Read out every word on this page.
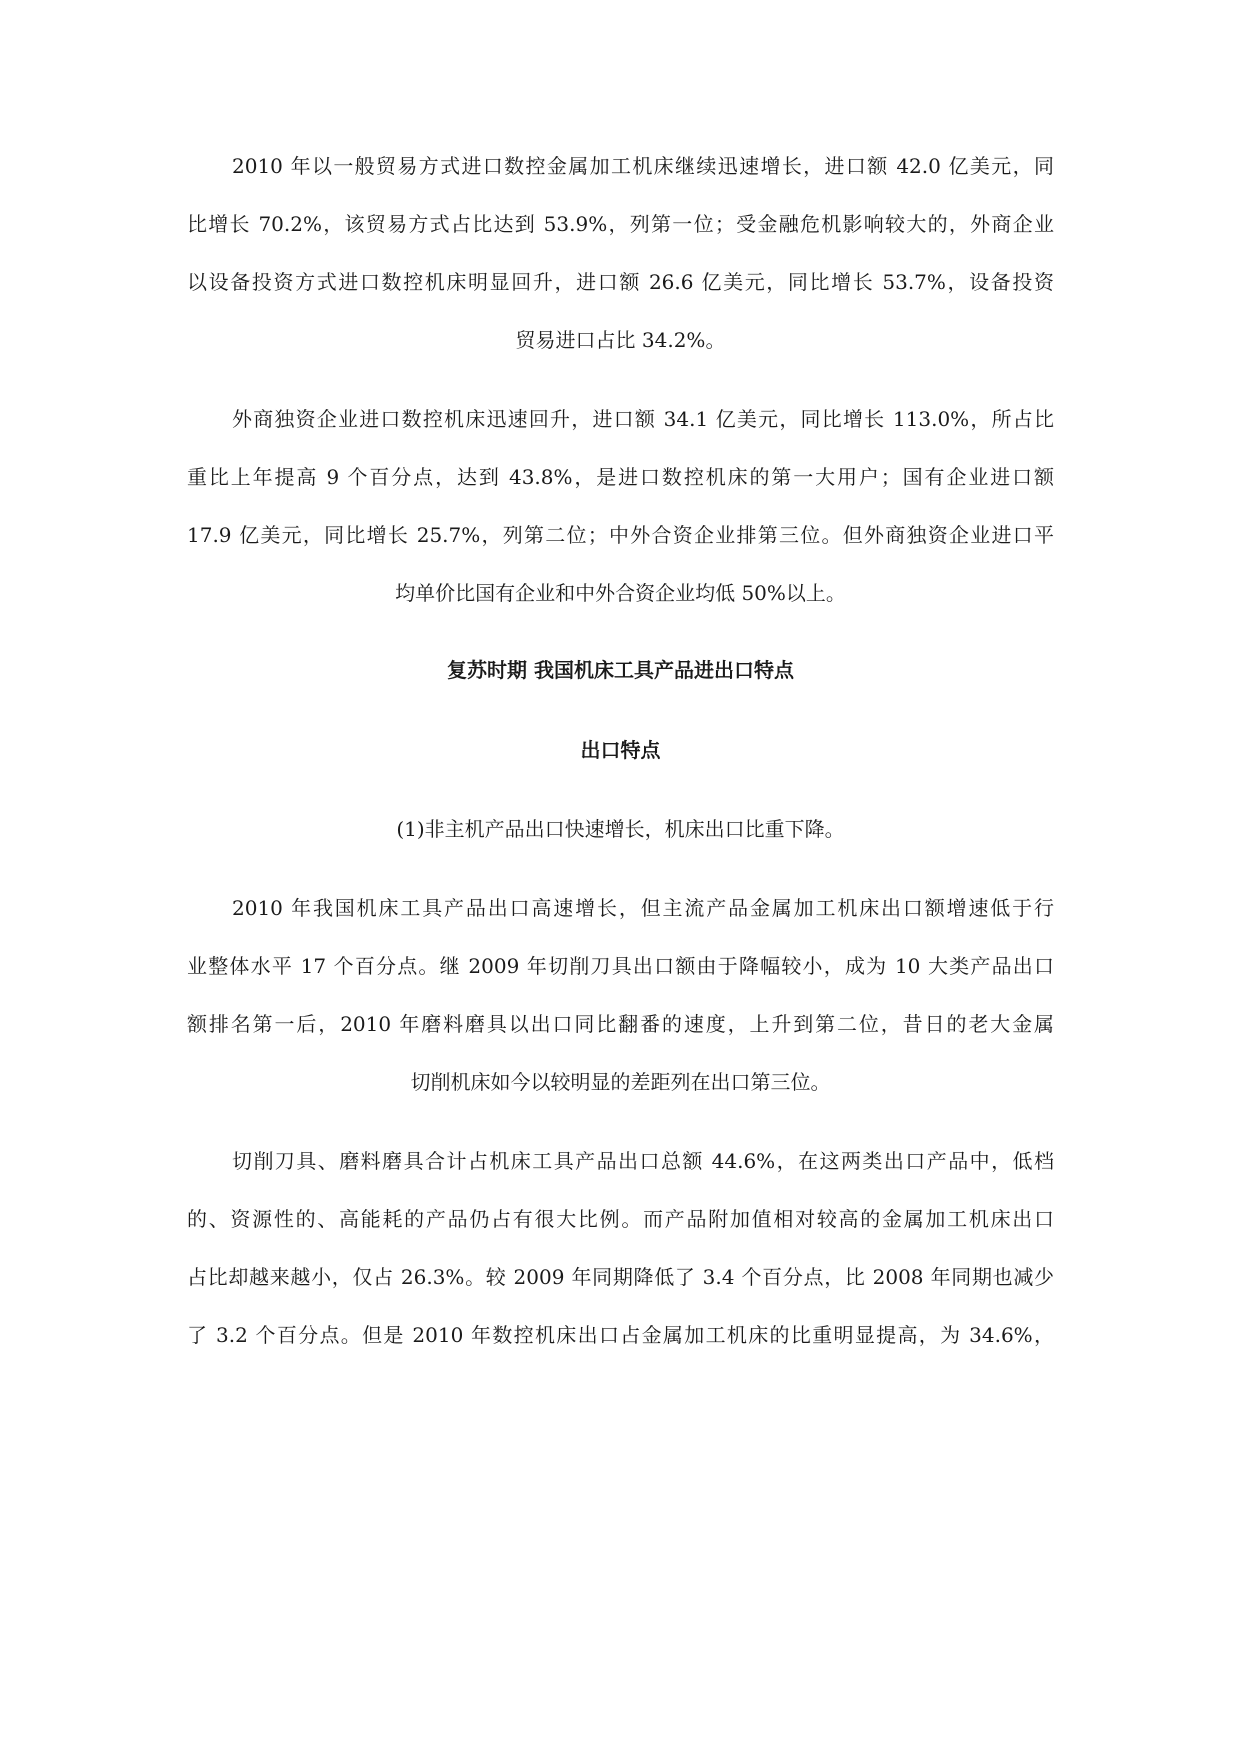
2010 年以一般贸易方式进口数控金属加工机床继续迅速增长，进口额 42.0 亿美元，同
比增长 70.2%，该贸易方式占比达到 53.9%，列第一位；受金融危机影响较大的，外商企业
以设备投资方式进口数控机床明显回升，进口额 26.6 亿美元，同比增长 53.7%，设备投资
贸易进口占比 34.2%。
外商独资企业进口数控机床迅速回升，进口额 34.1 亿美元，同比增长 113.0%，所占比
重比上年提高 9 个百分点，达到 43.8%，是进口数控机床的第一大用户；国有企业进口额
17.9 亿美元，同比增长 25.7%，列第二位；中外合资企业排第三位。但外商独资企业进口平
均单价比国有企业和中外合资企业均低 50%以上。
复苏时期 我国机床工具产品进出口特点
出口特点
(1)非主机产品出口快速增长，机床出口比重下降。
2010 年我国机床工具产品出口高速增长，但主流产品金属加工机床出口额增速低于行
业整体水平 17 个百分点。继 2009 年切削刀具出口额由于降幅较小，成为 10 大类产品出口
额排名第一后，2010 年磨料磨具以出口同比翻番的速度，上升到第二位，昔日的老大金属
切削机床如今以较明显的差距列在出口第三位。
切削刀具、磨料磨具合计占机床工具产品出口总额 44.6%，在这两类出口产品中，低档
的、资源性的、高能耗的产品仍占有很大比例。而产品附加值相对较高的金属加工机床出口
占比却越来越小，仅占 26.3%。较 2009 年同期降低了 3.4 个百分点，比 2008 年同期也减少
了 3.2 个百分点。但是 2010 年数控机床出口占金属加工机床的比重明显提高，为 34.6%，
